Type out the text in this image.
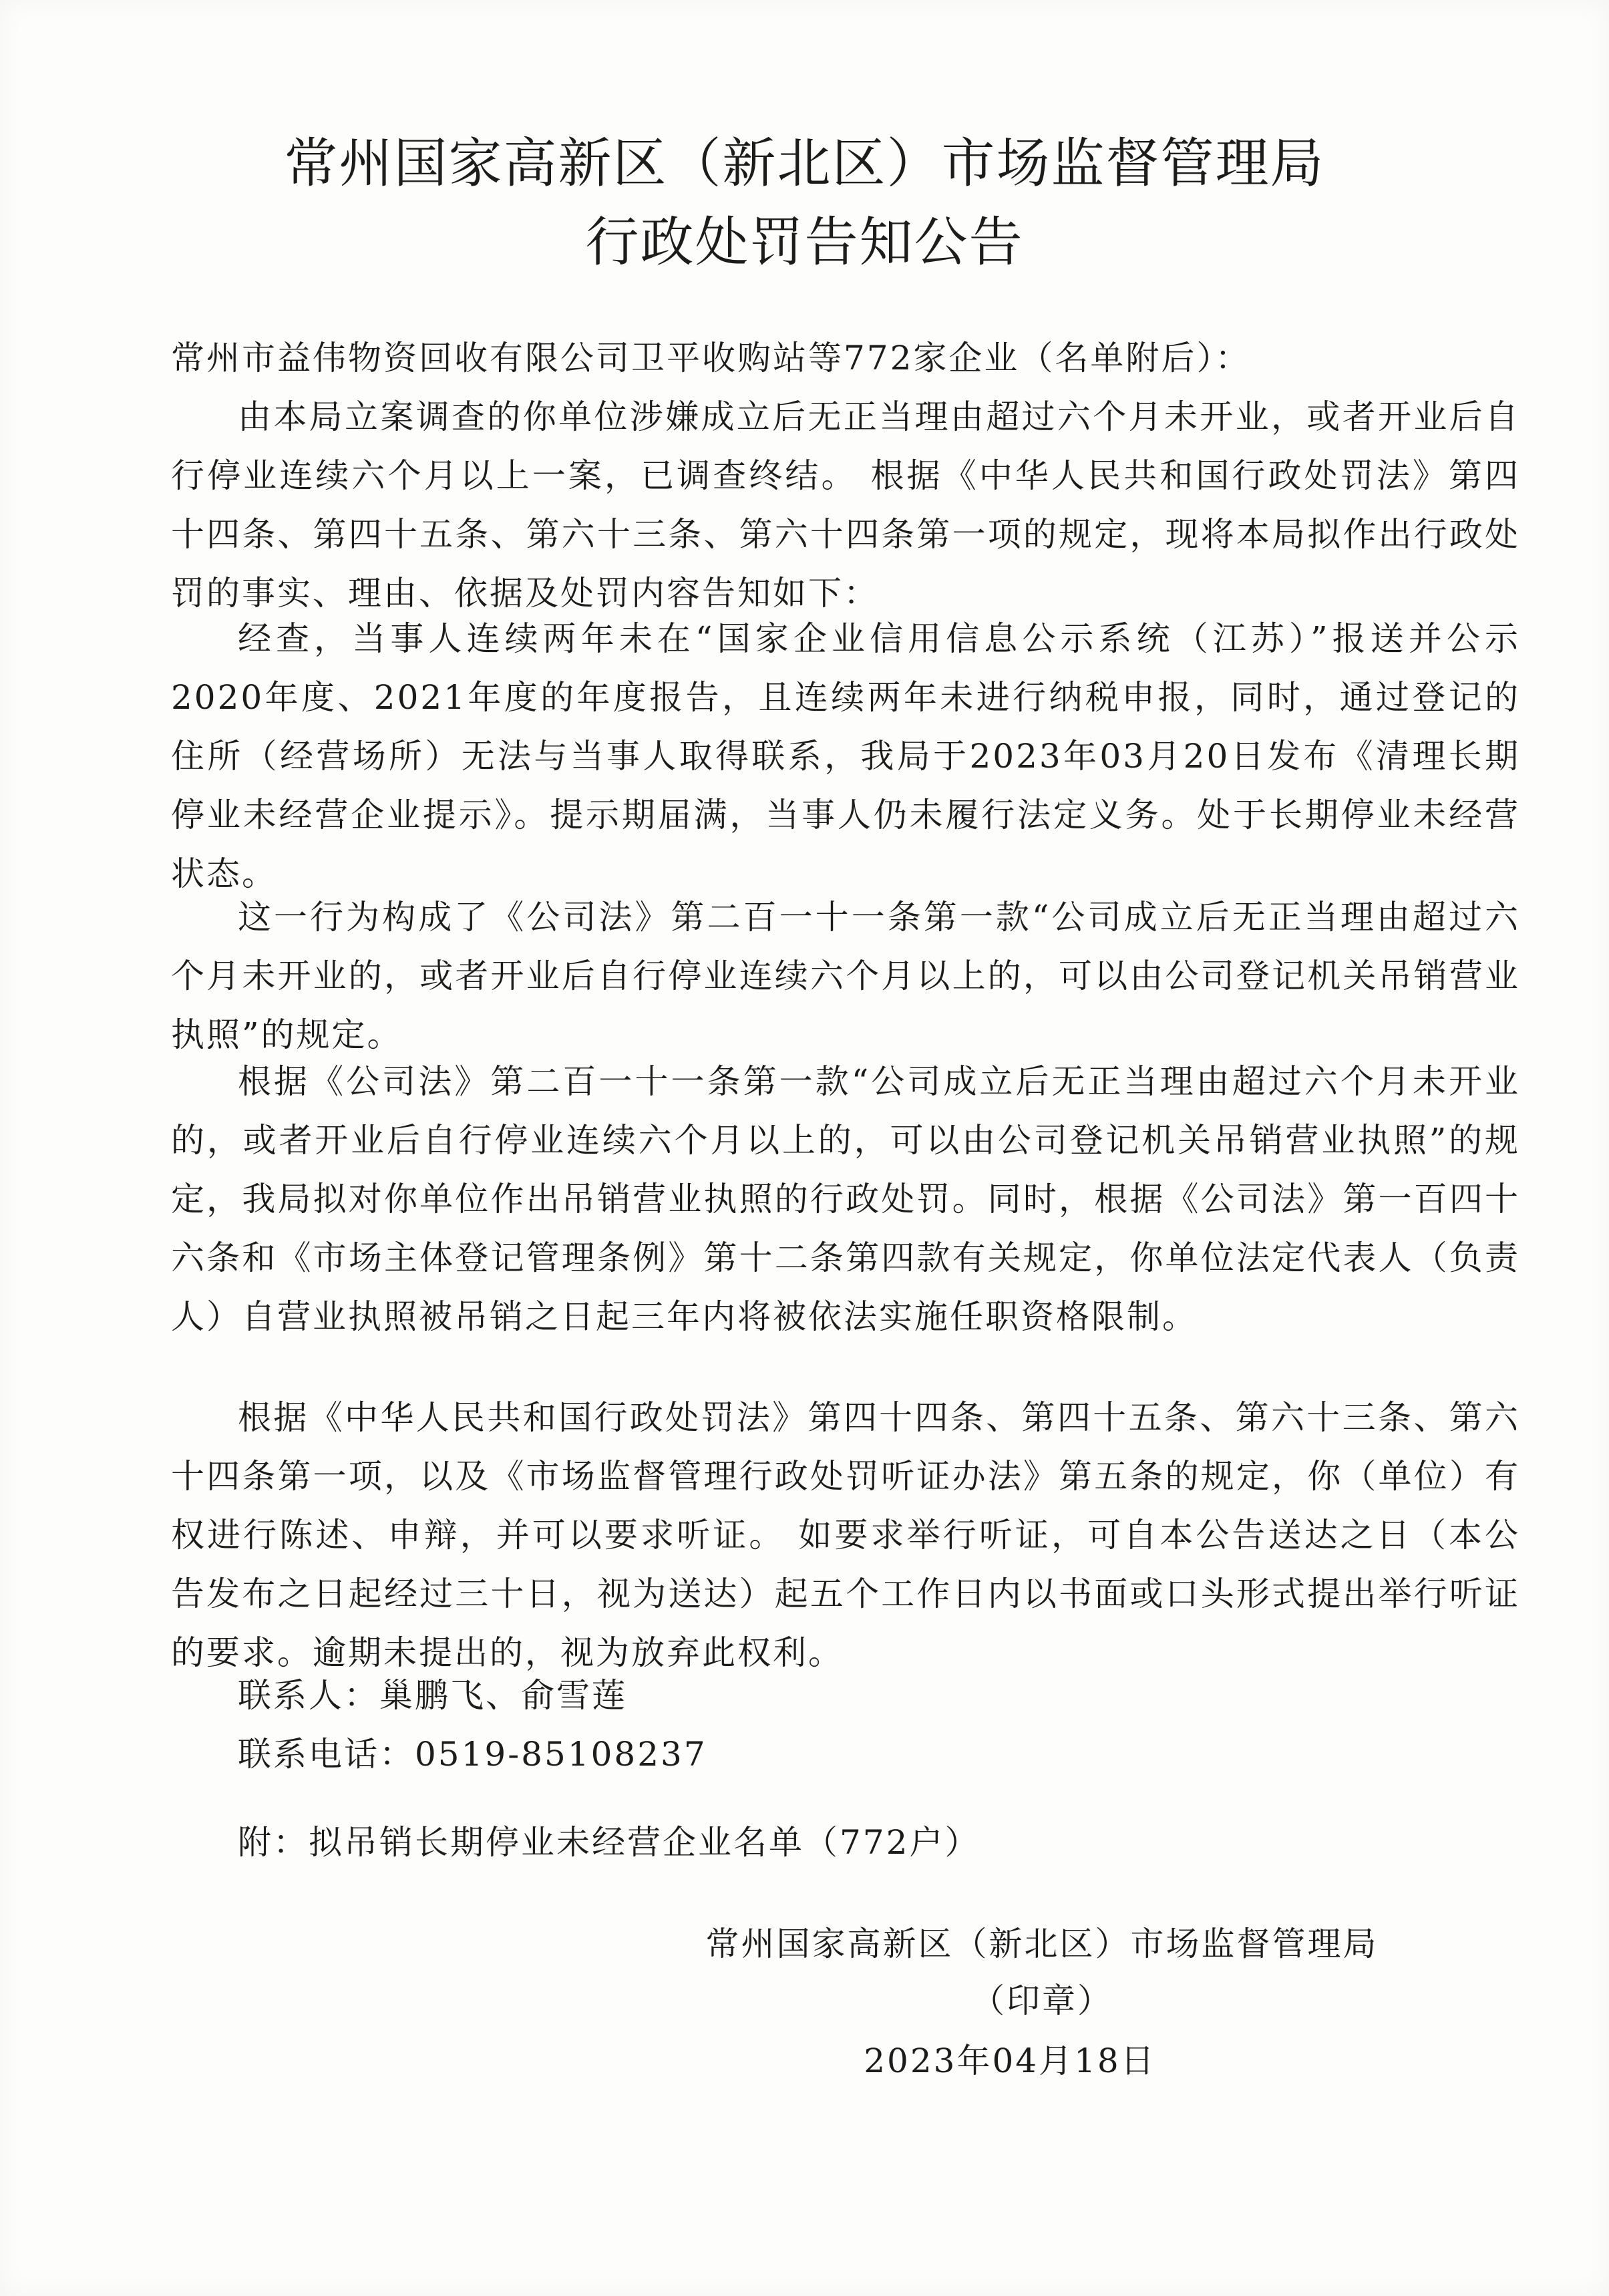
常州国家高新区（新北区）市场监督管理局
行政处罚告知公告

常州市益伟物资回收有限公司卫平收购站等772家企业（名单附后）：

由本局立案调查的你单位涉嫌成立后无正当理由超过六个月未开业，或者开业后自行停业连续六个月以上一案，已调查终结。 根据《中华人民共和国行政处罚法》第四十四条、第四十五条、第六十三条、第六十四条第一项的规定，现将本局拟作出行政处罚的事实、理由、依据及处罚内容告知如下：

经查，当事人连续两年未在“国家企业信用信息公示系统（江苏）”报送并公示2020年度、2021年度的年度报告，且连续两年未进行纳税申报，同时，通过登记的住所（经营场所）无法与当事人取得联系，我局于2023年03月20日发布《清理长期停业未经营企业提示》。提示期届满，当事人仍未履行法定义务。处于长期停业未经营状态。

这一行为构成了《公司法》第二百一十一条第一款“公司成立后无正当理由超过六个月未开业的，或者开业后自行停业连续六个月以上的，可以由公司登记机关吊销营业执照”的规定。

根据《公司法》第二百一十一条第一款“公司成立后无正当理由超过六个月未开业的，或者开业后自行停业连续六个月以上的，可以由公司登记机关吊销营业执照”的规定，我局拟对你单位作出吊销营业执照的行政处罚。同时，根据《公司法》第一百四十六条和《市场主体登记管理条例》第十二条第四款有关规定，你单位法定代表人（负责人）自营业执照被吊销之日起三年内将被依法实施任职资格限制。

根据《中华人民共和国行政处罚法》第四十四条、第四十五条、第六十三条、第六十四条第一项，以及《市场监督管理行政处罚听证办法》第五条的规定，你（单位）有权进行陈述、申辩，并可以要求听证。 如要求举行听证，可自本公告送达之日（本公告发布之日起经过三十日，视为送达）起五个工作日内以书面或口头形式提出举行听证的要求。逾期未提出的，视为放弃此权利。

联系人：巢鹏飞、俞雪莲

联系电话：0519-85108237

附：拟吊销长期停业未经营企业名单（772户）

常州国家高新区（新北区）市场监督管理局

（印章）

2023年04月18日
